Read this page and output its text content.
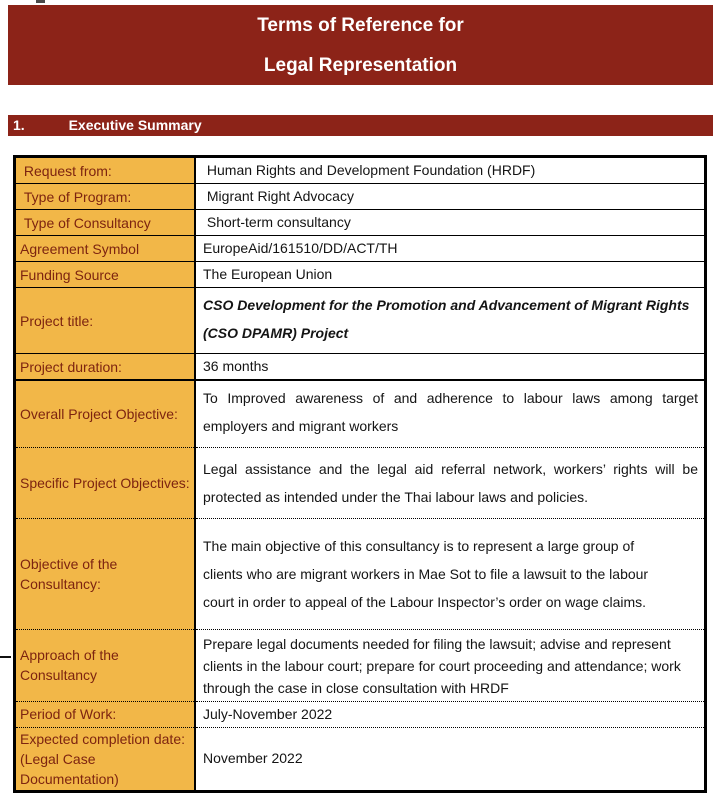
Terms of Reference for
Legal Representation
1.	Executive Summary
Request from:	Human Rights and Development Foundation (HRDF)
Type of Program:	Migrant Right Advocacy
Type of Consultancy	Short-term consultancy
Agreement Symbol	EuropeAid/161510/DD/ACT/TH
Funding Source	The European Union
Project title:	CSO Development for the Promotion and Advancement of Migrant Rights (CSO DPAMR) Project
Project duration:	36 months
Overall Project Objective:	To Improved awareness of and adherence to labour laws among target employers and migrant workers
Specific Project Objectives:	Legal assistance and the legal aid referral network, workers’ rights will be protected as intended under the Thai labour laws and policies.
Objective of the Consultancy:	The main objective of this consultancy is to represent a large group of clients who are migrant workers in Mae Sot to file a lawsuit to the labour court in order to appeal of the Labour Inspector’s order on wage claims.
Approach of the Consultancy	Prepare legal documents needed for filing the lawsuit; advise and represent clients in the labour court; prepare for court proceeding and attendance; work through the case in close consultation with HRDF
Period of Work:	July-November 2022
Expected completion date: (Legal Case Documentation)	November 2022
